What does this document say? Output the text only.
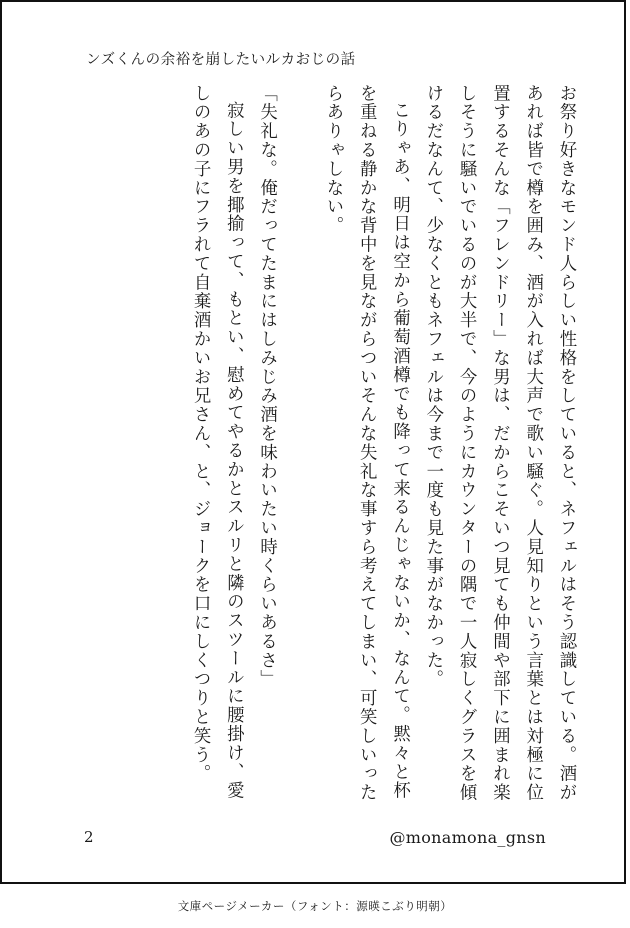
ンズくんの余裕を崩したいルカおじの話

お祭り好きなモンド人らしい性格をしていると、ネフェルはそう認識している。酒があれば皆で樽を囲み、酒が入れば大声で歌い騒ぐ。人見知りという言葉とは対極に位置するそんな「フレンドリー」な男は、だからこそいつ見ても仲間や部下に囲まれ楽しそうに騒いでいるのが大半で、今のようにカウンターの隅で一人寂しくグラスを傾けるだなんて、少なくともネフェルは今まで一度も見た事がなかった。

こりゃあ、明日は空から葡萄酒樽でも降って来るんじゃないか、なんて。黙々と杯を重ねる静かな背中を見ながらついそんな失礼な事すら考えてしまい、可笑しいったらありゃしない。

「失礼な。俺だってたまにはしみじみ酒を味わいたい時くらいあるさ」

寂しい男を揶揄って、もとい、慰めてやるかとスルリと隣のスツールに腰掛け、愛しのあの子にフラれて自棄酒かいお兄さん、と、ジョークを口にしくつりと笑う。

2	@monamona_gnsn
文庫ページメーカー（フォント：源暎こぶり明朝）
